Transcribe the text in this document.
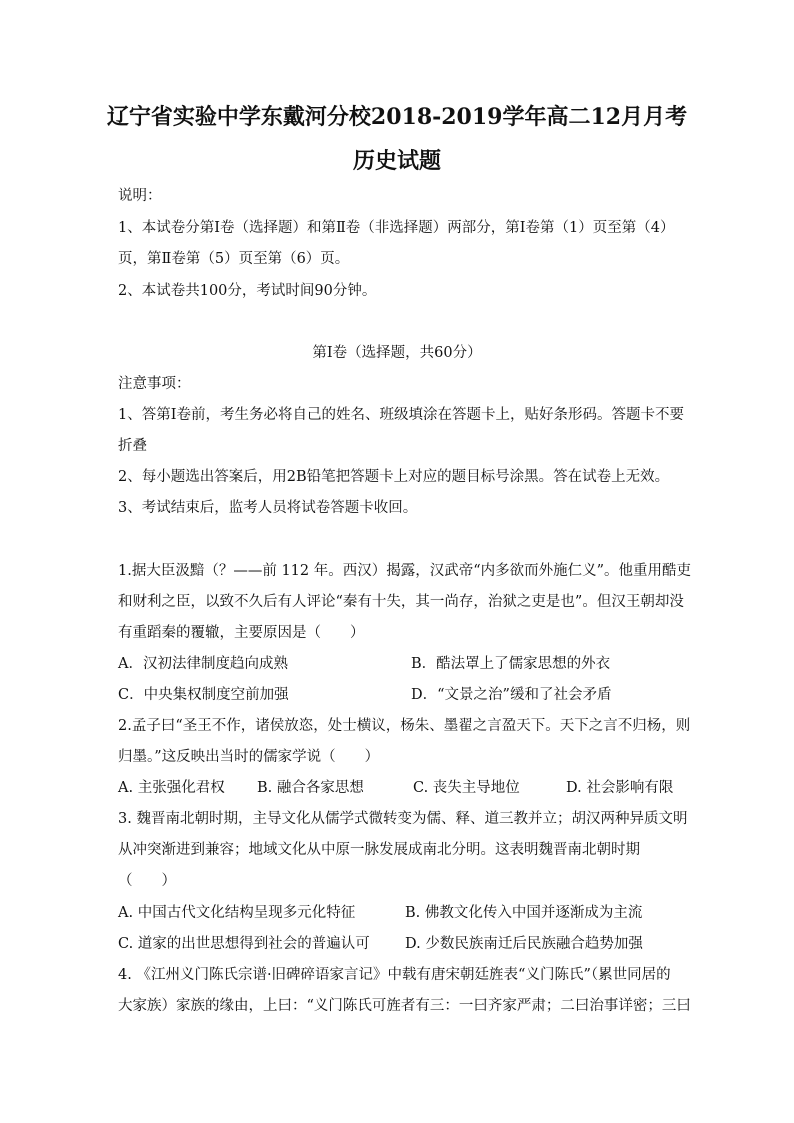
辽宁省实验中学东戴河分校2018-2019学年高二12月月考
历史试题
说明：
1、本试卷分第Ⅰ卷（选择题）和第Ⅱ卷（非选择题）两部分，第Ⅰ卷第（1）页至第（4）
页，第Ⅱ卷第（5）页至第（6）页。
2、本试卷共100分，考试时间90分钟。
第Ⅰ卷（选择题，共60分）
注意事项：
1、答第Ⅰ卷前，考生务必将自己的姓名、班级填涂在答题卡上，贴好条形码。答题卡不要
折叠
2、每小题选出答案后，用2B铅笔把答题卡上对应的题目标号涂黑。答在试卷上无效。
3、考试结束后，监考人员将试卷答题卡收回。
1.据大臣汲黯（？——前 112 年。西汉）揭露，汉武帝“内多欲而外施仁义”。他重用酷吏
和财利之臣，以致不久后有人评论“秦有十失，其一尚存，治狱之吏是也”。但汉王朝却没
有重蹈秦的覆辙，主要原因是（　　）
A．汉初法律制度趋向成熟	B．酷法罩上了儒家思想的外衣
C．中央集权制度空前加强	D．“文景之治”缓和了社会矛盾
2.孟子曰“圣王不作，诸侯放恣，处士横议，杨朱、墨翟之言盈天下。天下之言不归杨，则
归墨。”这反映出当时的儒家学说（　　）
A. 主张强化君权 B. 融合各家思想	C. 丧失主导地位	D. 社会影响有限
3. 魏晋南北朝时期，主导文化从儒学式微转变为儒、释、道三教并立；胡汉两种异质文明
从冲突渐进到兼容；地域文化从中原一脉发展成南北分明。这表明魏晋南北朝时期
（　　）
A. 中国古代文化结构呈现多元化特征	B. 佛教文化传入中国并逐渐成为主流
C. 道家的出世思想得到社会的普遍认可 D. 少数民族南迁后民族融合趋势加强
4. 《江州义门陈氏宗谱·旧碑碎语家言记》中载有唐宋朝廷旌表“义门陈氏”（累世同居的
大家族）家族的缘由，上曰：“义门陈氏可旌者有三：一曰齐家严肃；二曰治事详密；三曰
